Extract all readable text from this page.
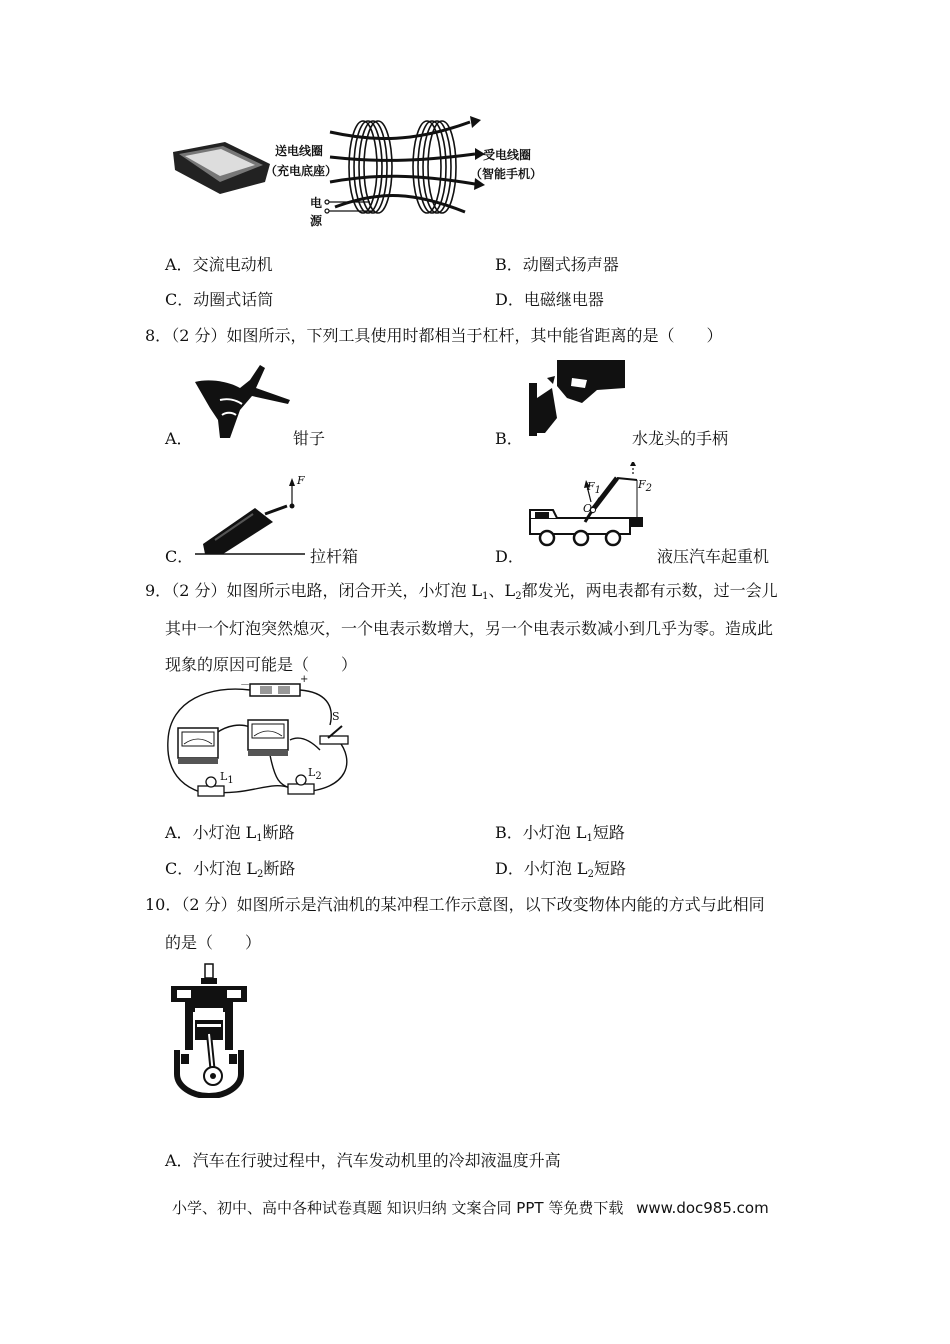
送电线圈
（充电底座）
受电线圈
（智能手机）
电
源
A．交流电动机	B．动圈式扬声器
C．动圈式话筒	D．电磁继电器
8．（2 分）如图所示，下列工具使用时都相当于杠杆，其中能省距离的是（　　）
A．	钳子	B．	水龙头的手柄
F
C．	拉杆箱
$F_1$	$F_2$
O
D．	液压汽车起重机
9．（2 分）如图所示电路，闭合开关，小灯泡 $L_1$、$L_2$都发光，两电表都有示数，过一会儿
其中一个灯泡突然熄灭，一个电表示数增大，另一个电表示数减小到几乎为零。造成此
现象的原因可能是（　　）
－
+
S
$L_1$
$L_2$
A．小灯泡 $L_1$断路	B．小灯泡 $L_1$短路
C．小灯泡 $L_2$断路	D．小灯泡 $L_2$短路
10．（2 分）如图所示是汽油机的某冲程工作示意图，以下改变物体内能的方式与此相同
的是（　　）
A．汽车在行驶过程中，汽车发动机里的冷却液温度升高
小学、初中、高中各种试卷真题 知识归纳 文案合同 PPT 等免费下载 www.doc985.com
